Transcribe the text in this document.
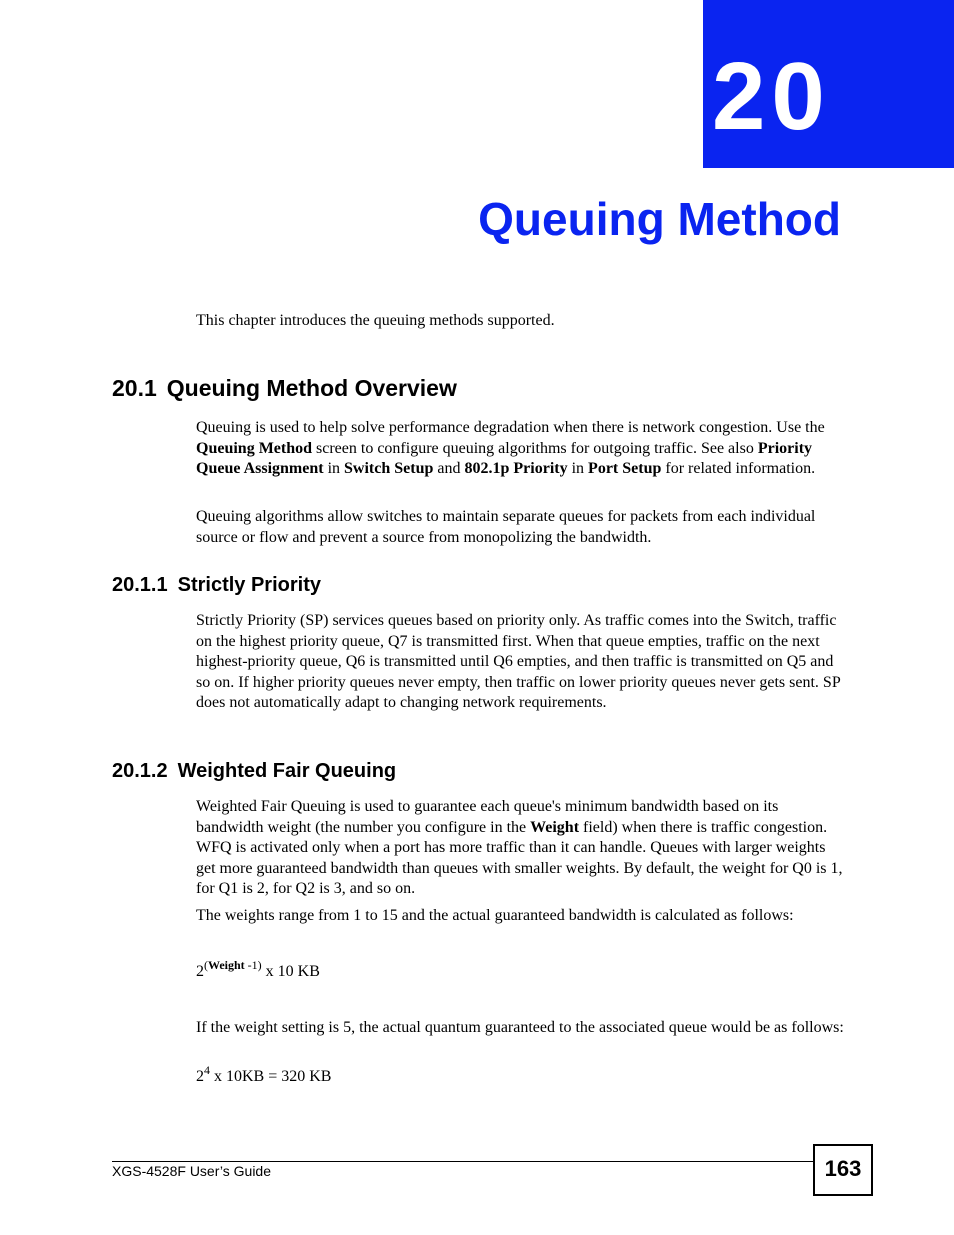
20
Queuing Method
This chapter introduces the queuing methods supported.
20.1 Queuing Method Overview
Queuing is used to help solve performance degradation when there is network congestion. Use the Queuing Method screen to configure queuing algorithms for outgoing traffic. See also Priority Queue Assignment in Switch Setup and 802.1p Priority in Port Setup for related information.
Queuing algorithms allow switches to maintain separate queues for packets from each individual source or flow and prevent a source from monopolizing the bandwidth.
20.1.1 Strictly Priority
Strictly Priority (SP) services queues based on priority only. As traffic comes into the Switch, traffic on the highest priority queue, Q7 is transmitted first. When that queue empties, traffic on the next highest-priority queue, Q6 is transmitted until Q6 empties, and then traffic is transmitted on Q5 and so on. If higher priority queues never empty, then traffic on lower priority queues never gets sent. SP does not automatically adapt to changing network requirements.
20.1.2 Weighted Fair Queuing
Weighted Fair Queuing is used to guarantee each queue's minimum bandwidth based on its bandwidth weight (the number you configure in the Weight field) when there is traffic congestion. WFQ is activated only when a port has more traffic than it can handle. Queues with larger weights get more guaranteed bandwidth than queues with smaller weights. By default, the weight for Q0 is 1, for Q1 is 2, for Q2 is 3, and so on.
The weights range from 1 to 15 and the actual guaranteed bandwidth is calculated as follows:
$2^{(Weight -1)}$ x 10 KB
If the weight setting is 5, the actual quantum guaranteed to the associated queue would be as follows:
$2^4$ x 10KB = 320 KB
XGS-4528F User’s Guide	163
